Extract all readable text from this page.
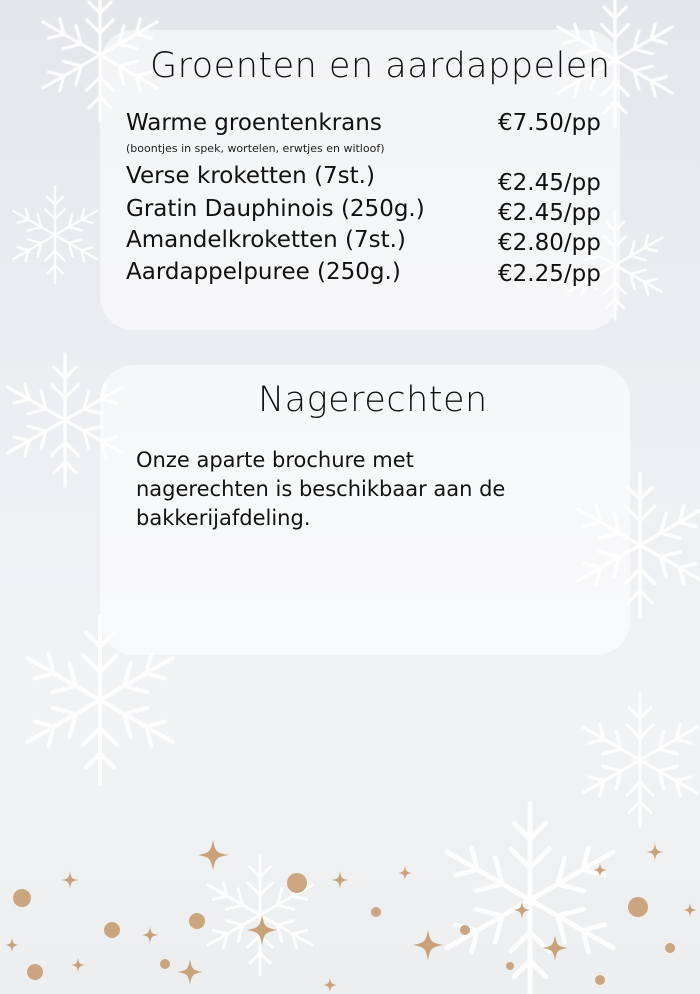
Groenten en aardappelen
Warme groentenkrans	€7.50/pp
(boontjes in spek, wortelen, erwtjes en witloof)
Verse kroketten (7st.)	€2.45/pp
Gratin Dauphinois (250g.)	€2.45/pp
Amandelkroketten (7st.)	€2.80/pp
Aardappelpuree (250g.)	€2.25/pp
Nagerechten
Onze aparte brochure met
nagerechten is beschikbaar aan de
bakkerijafdeling.
